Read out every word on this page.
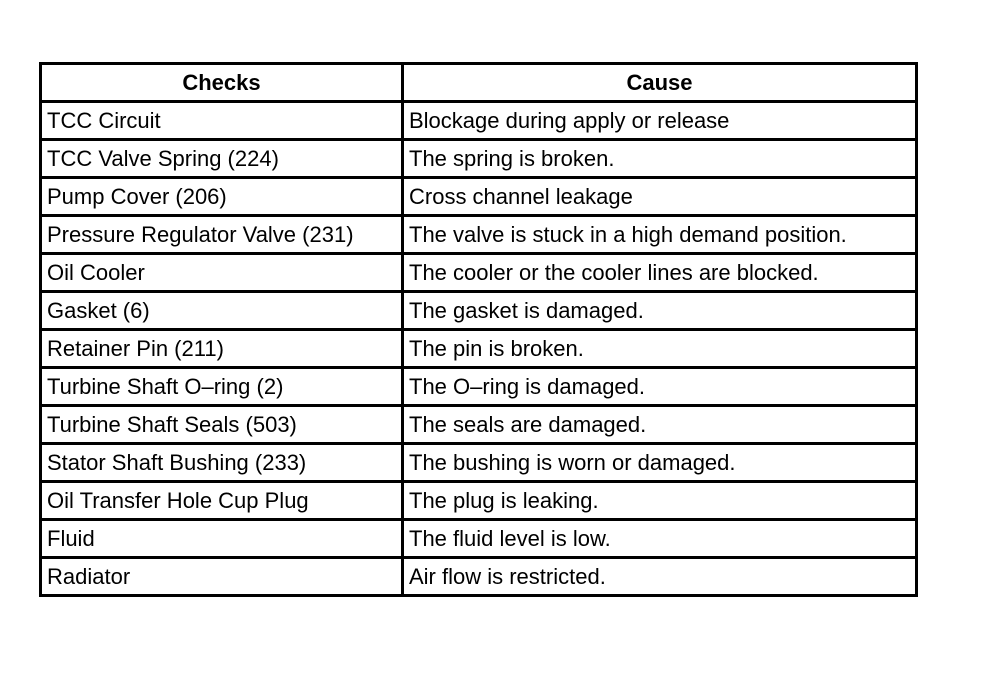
Checks	Cause
TCC Circuit	Blockage during apply or release
TCC Valve Spring (224)	The spring is broken.
Pump Cover (206)	Cross channel leakage
Pressure Regulator Valve (231)	The valve is stuck in a high demand position.
Oil Cooler	The cooler or the cooler lines are blocked.
Gasket (6)	The gasket is damaged.
Retainer Pin (211)	The pin is broken.
Turbine Shaft O–ring (2)	The O–ring is damaged.
Turbine Shaft Seals (503)	The seals are damaged.
Stator Shaft Bushing (233)	The bushing is worn or damaged.
Oil Transfer Hole Cup Plug	The plug is leaking.
Fluid	The fluid level is low.
Radiator	Air flow is restricted.
